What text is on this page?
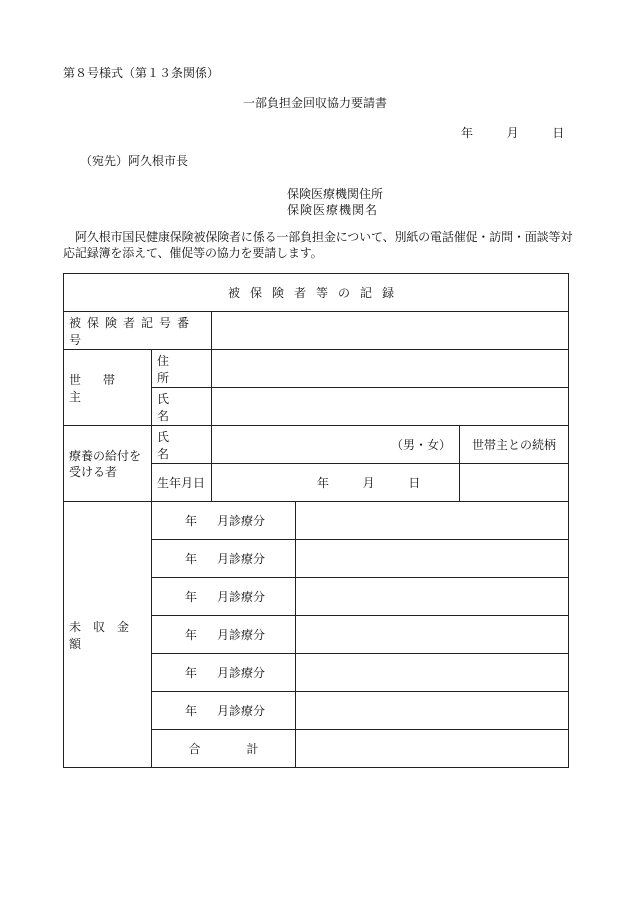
第８号様式（第１３条関係）
一部負担金回収協力要請書
年	月	日
（宛先）阿久根市長
保険医療機関住所
保険医療機関名
阿久根市国民健康保険被保険者に係る一部負担金について、別紙の電話催促・訪問・面談等対応記録簿を添えて、催促等の協力を要請します。
被保険者等の記録				
被保険者記号番号				

世帯主	住所			

	氏名			

療養の給付を受ける者	氏名	（男・女）		世帯主との続柄
	生年月日	年 月 日		

未収金額	年 月診療分			
	年 月診療分			
	年 月診療分			
	年 月診療分			
	年 月診療分			
	年 月診療分			
	合 計			
